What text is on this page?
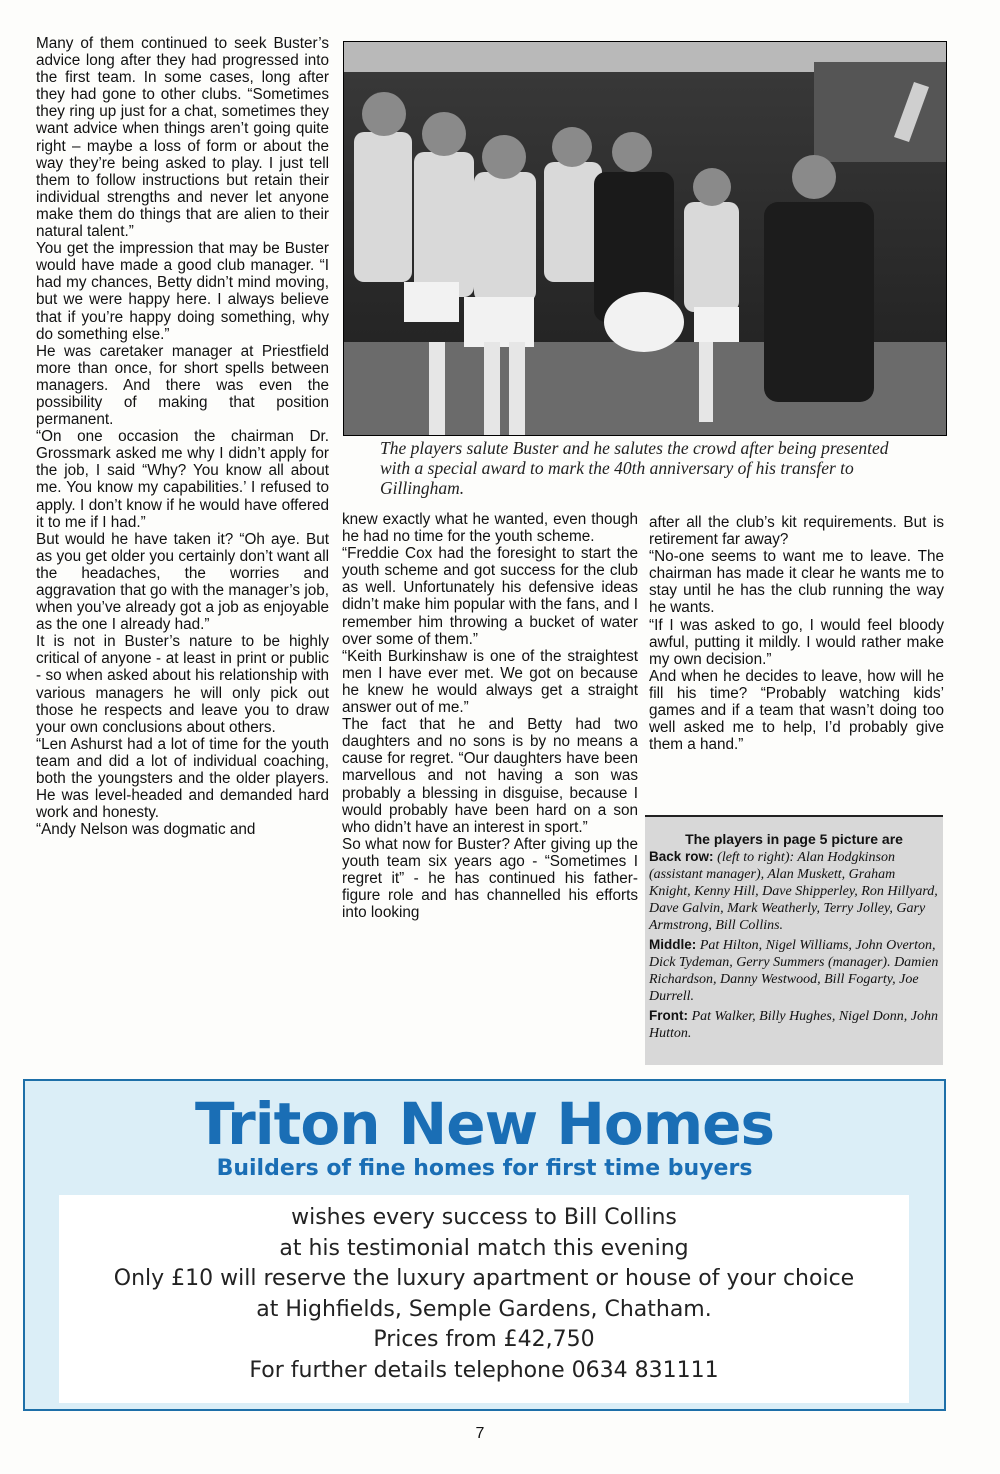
Many of them continued to seek Buster’s advice long after they had progressed into the first team. In some cases, long after they had gone to other clubs. “Sometimes they ring up just for a chat, sometimes they want advice when things aren’t going quite right – maybe a loss of form or about the way they’re being asked to play. I just tell them to follow instructions but retain their individual strengths and never let anyone make them do things that are alien to their natural talent.”

You get the impression that may be Buster would have made a good club manager. “I had my chances, Betty didn’t mind moving, but we were happy here. I always believe that if you’re happy doing something, why do something else.”

He was caretaker manager at Priestfield more than once, for short spells between managers. And there was even the possibility of making that position permanent.

“On one occasion the chairman Dr. Grossmark asked me why I didn’t apply for the job, I said “Why? You know all about me. You know my capabilities.’ I refused to apply. I don’t know if he would have offered it to me if I had.”

But would he have taken it? “Oh aye. But as you get older you certainly don’t want all the headaches, the worries and aggravation that go with the manager’s job, when you’ve already got a job as enjoyable as the one I already had.”

It is not in Buster’s nature to be highly critical of anyone - at least in print or public - so when asked about his relationship with various managers he will only pick out those he respects and leave you to draw your own conclusions about others.

“Len Ashurst had a lot of time for the youth team and did a lot of individual coaching, both the youngsters and the older players. He was level-headed and demanded hard work and honesty.

“Andy Nelson was dogmatic and

The players salute Buster and he salutes the crowd after being presented with a special award to mark the 40th anniversary of his transfer to Gillingham.

knew exactly what he wanted, even though he had no time for the youth scheme.

“Freddie Cox had the foresight to start the youth scheme and got success for the club as well. Unfortunately his defensive ideas didn’t make him popular with the fans, and I remember him throwing a bucket of water over some of them.”

“Keith Burkinshaw is one of the straightest men I have ever met. We got on because he knew he would always get a straight answer out of me.”

The fact that he and Betty had two daughters and no sons is by no means a cause for regret. “Our daughters have been marvellous and not having a son was probably a blessing in disguise, because I would probably have been hard on a son who didn’t have an interest in sport.”

So what now for Buster? After giving up the youth team six years ago - “Sometimes I regret it” - he has continued his father-figure role and has channelled his efforts into looking

after all the club’s kit requirements. But is retirement far away?

“No-one seems to want me to leave. The chairman has made it clear he wants me to stay until he has the club running the way he wants.

“If I was asked to go, I would feel bloody awful, putting it mildly. I would rather make my own decision.”

And when he decides to leave, how will he fill his time? “Probably watching kids’ games and if a team that wasn’t doing too well asked me to help, I’d probably give them a hand.”

The players in page 5 picture are
Back row: (left to right): Alan Hodgkinson (assistant manager), Alan Muskett, Graham Knight, Kenny Hill, Dave Shipperley, Ron Hillyard, Dave Galvin, Mark Weatherly, Terry Jolley, Gary Armstrong, Bill Collins.
Middle: Pat Hilton, Nigel Williams, John Overton, Dick Tydeman, Gerry Summers (manager). Damien Richardson, Danny Westwood, Bill Fogarty, Joe Durrell.
Front: Pat Walker, Billy Hughes, Nigel Donn, John Hutton.
Triton New Homes
Builders of fine homes for first time buyers
wishes every success to Bill Collins
at his testimonial match this evening
Only £10 will reserve the luxury apartment or house of your choice
at Highfields, Semple Gardens, Chatham.
Prices from £42,750
For further details telephone 0634 831111
7
